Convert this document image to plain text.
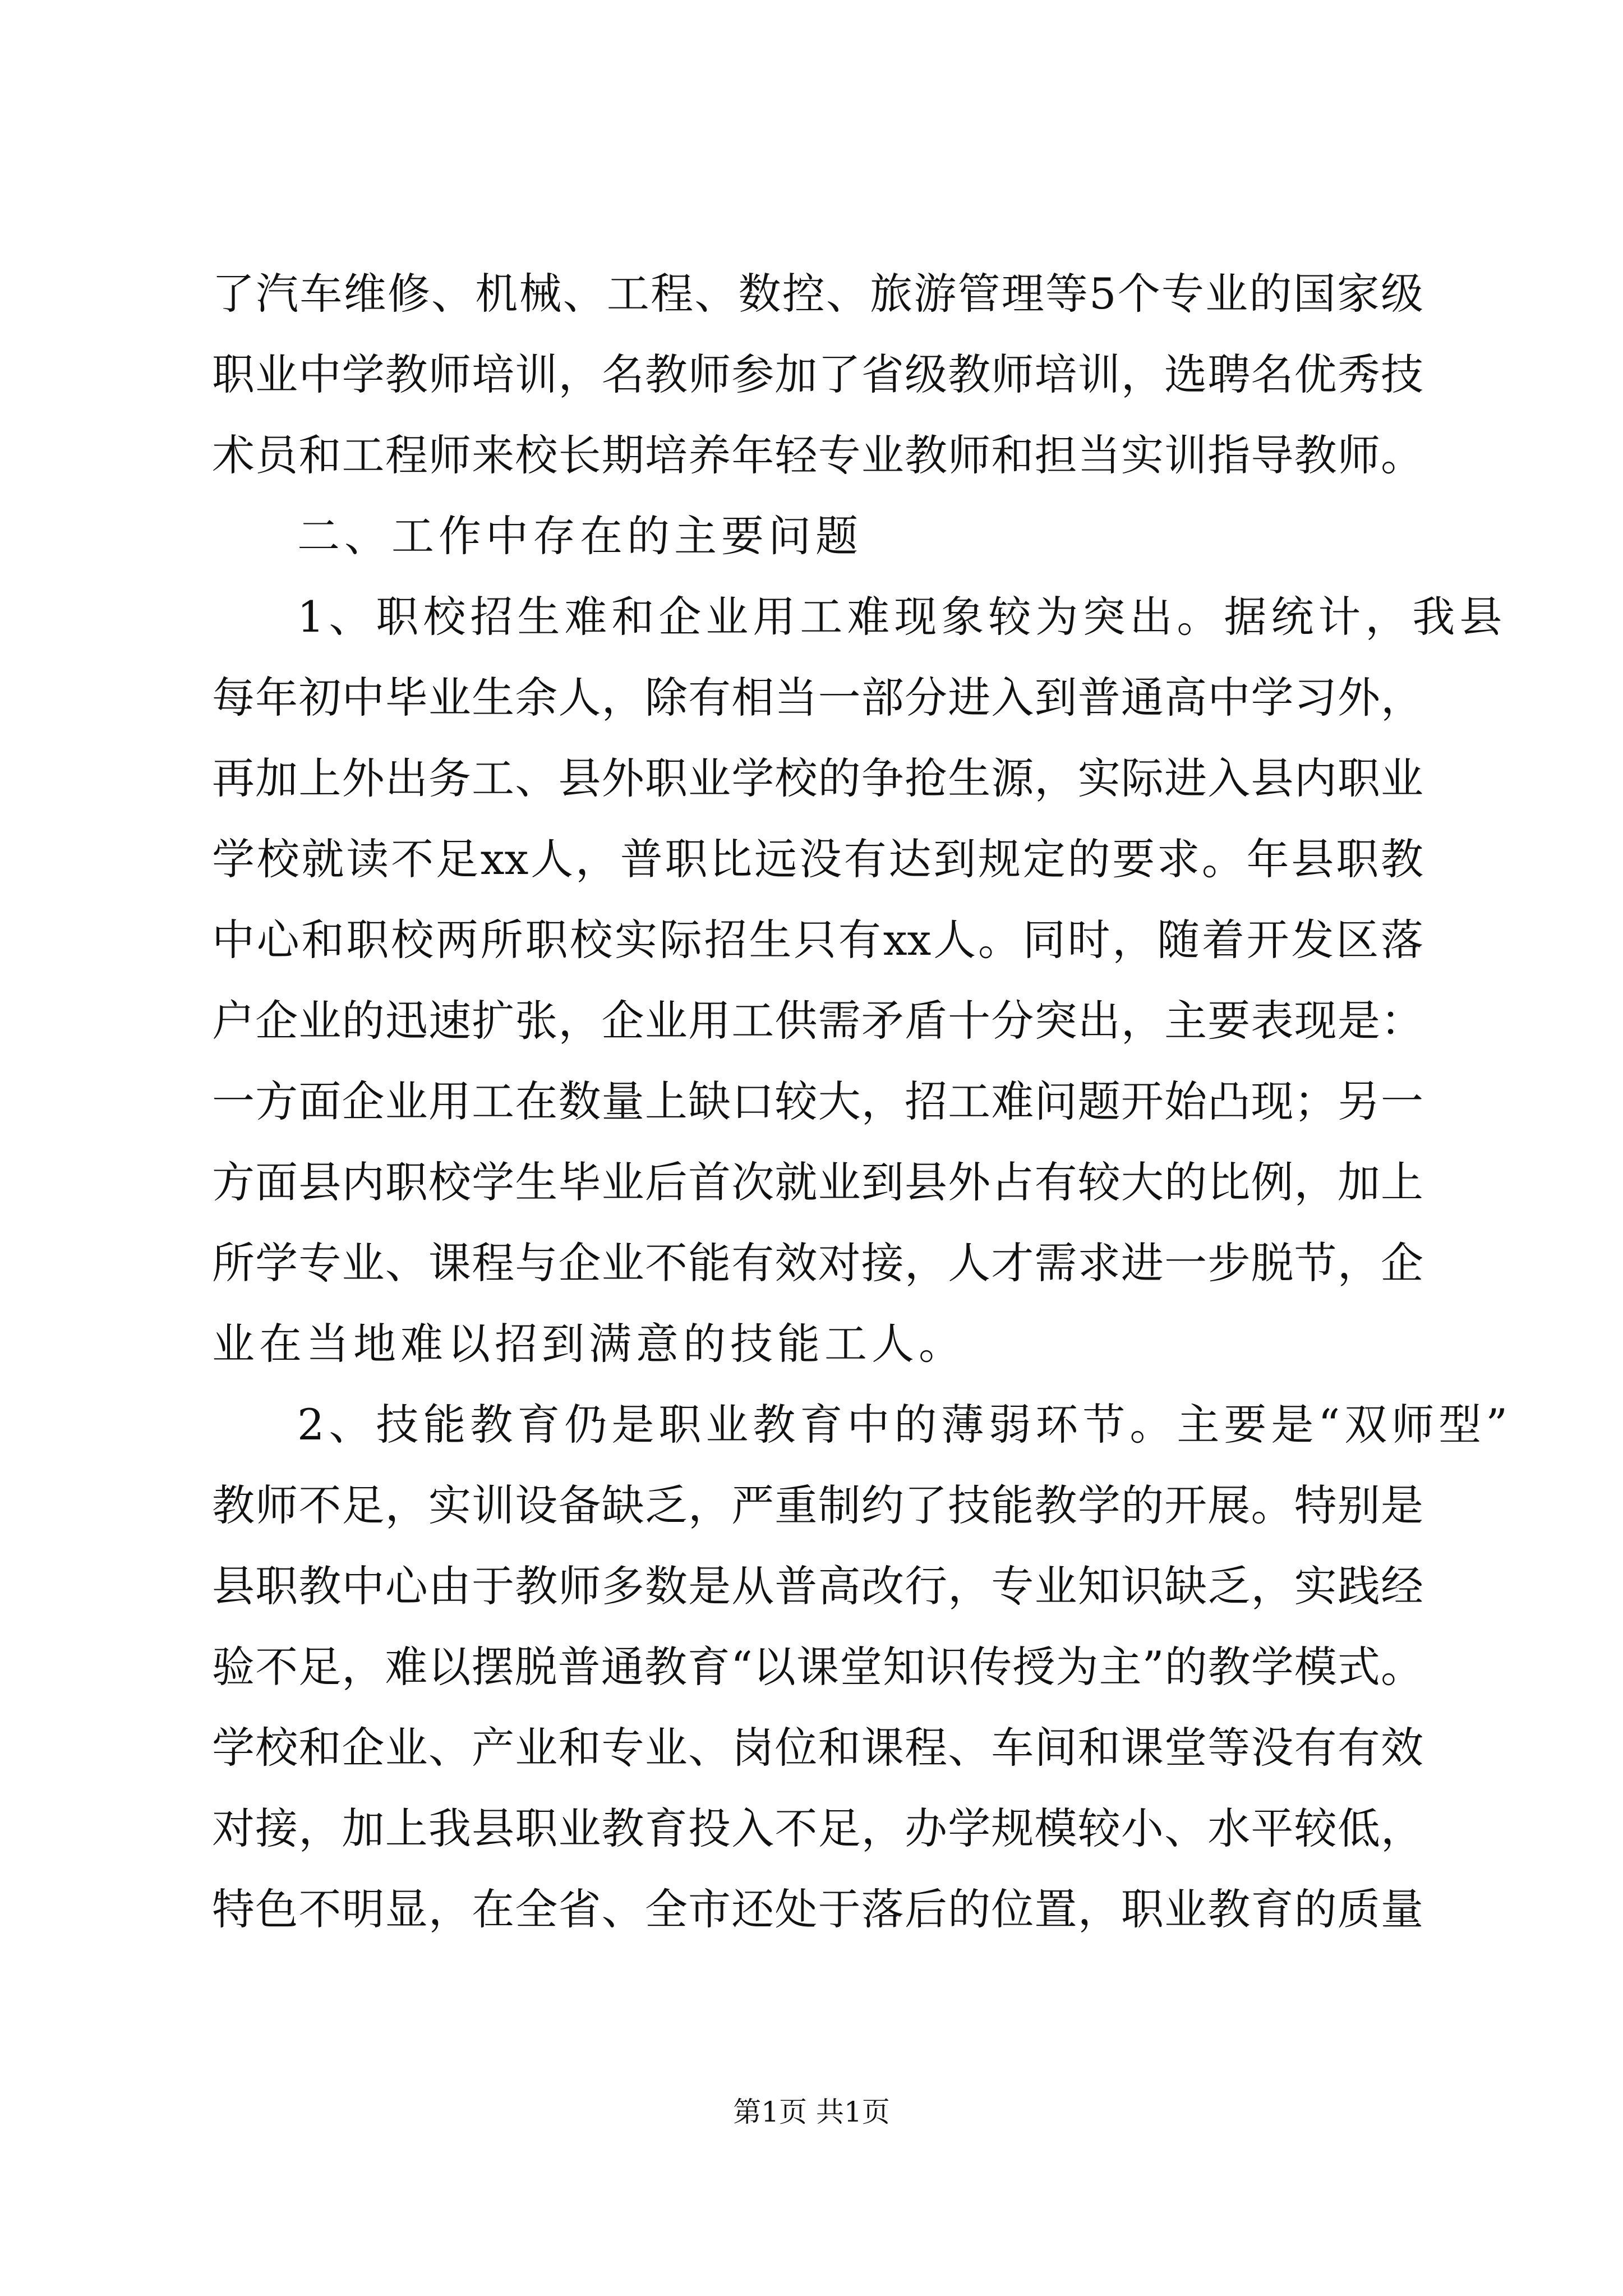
了汽车维修、机械、工程、数控、旅游管理等5个专业的国家级
职业中学教师培训，名教师参加了省级教师培训，选聘名优秀技
术员和工程师来校长期培养年轻专业教师和担当实训指导教师。
二、工作中存在的主要问题
1、职校招生难和企业用工难现象较为突出。据统计，我县
每年初中毕业生余人，除有相当一部分进入到普通高中学习外，
再加上外出务工、县外职业学校的争抢生源，实际进入县内职业
学校就读不足xx人，普职比远没有达到规定的要求。年县职教
中心和职校两所职校实际招生只有xx人。同时，随着开发区落
户企业的迅速扩张，企业用工供需矛盾十分突出，主要表现是：
一方面企业用工在数量上缺口较大，招工难问题开始凸现；另一
方面县内职校学生毕业后首次就业到县外占有较大的比例，加上
所学专业、课程与企业不能有效对接，人才需求进一步脱节，企
业在当地难以招到满意的技能工人。
2、技能教育仍是职业教育中的薄弱环节。主要是“双师型”
教师不足，实训设备缺乏，严重制约了技能教学的开展。特别是
县职教中心由于教师多数是从普高改行，专业知识缺乏，实践经
验不足，难以摆脱普通教育“以课堂知识传授为主”的教学模式。
学校和企业、产业和专业、岗位和课程、车间和课堂等没有有效
对接，加上我县职业教育投入不足，办学规模较小、水平较低，
特色不明显，在全省、全市还处于落后的位置，职业教育的质量
第1页 共1页
